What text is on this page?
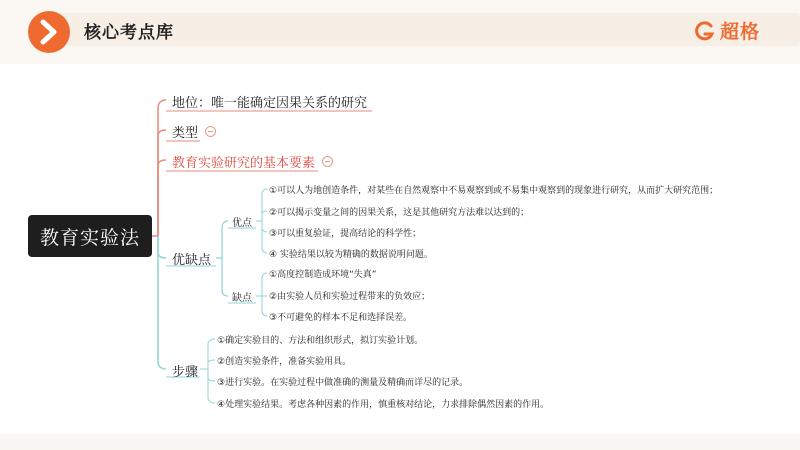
核心考点库	超格
教育实验法
地位：唯一能确定因果关系的研究
类型
教育实验研究的基本要素
优缺点
优点
缺点
①可以人为地创造条件，对某些在自然观察中不易观察到或不易集中观察到的现象进行研究，从而扩大研究范围；
②可以揭示变量之间的因果关系，这是其他研究方法难以达到的；
③可以重复验证，提高结论的科学性；
④ 实验结果以较为精确的数据说明问题。
①高度控制造成环境“失真”
②由实验人员和实验过程带来的负效应；
③不可避免的样本不足和选择误差。
步骤
①确定实验目的、方法和组织形式，拟订实验计划。
②创造实验条件，准备实验用具。
③进行实验。在实验过程中做准确的测量及精确而详尽的记录。
④处理实验结果。考虑各种因素的作用，慎重核对结论，力求排除偶然因素的作用。
